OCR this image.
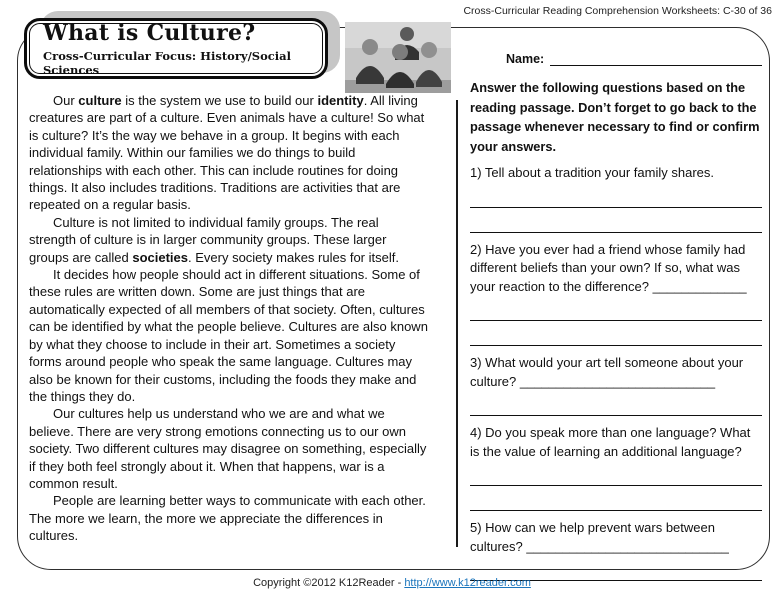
Cross-Curricular Reading Comprehension Worksheets: C-30 of 36
What is Culture?
Cross-Curricular Focus: History/Social Sciences

Our culture is the system we use to build our identity. All living creatures are part of a culture. Even animals have a culture! So what is culture? It’s the way we behave in a group. It begins with each individual family. Within our families we do things to build relationships with each other. This can include routines for doing things. It also includes traditions. Traditions are activities that are repeated on a regular basis.

Culture is not limited to individual family groups. The real strength of culture is in larger community groups. These larger groups are called societies. Every society makes rules for itself.

It decides how people should act in different situations. Some of these rules are written down. Some are just things that are automatically expected of all members of that society. Often, cultures can be identified by what the people believe. Cultures are also known by what they choose to include in their art. Sometimes a society forms around people who speak the same language. Cultures may also be known for their customs, including the foods they make and the things they do.

Our cultures help us understand who we are and what we believe. There are very strong emotions connecting us to our own society. Two different cultures may disagree on something, especially if they both feel strongly about it. When that happens, war is a common result.

People are learning better ways to communicate with each other. The more we learn, the more we appreciate the differences in cultures.

Name:
Answer the following questions based on the reading passage. Don’t forget to go back to the passage whenever necessary to find or confirm your answers.
1) Tell about a tradition your family shares.
2) Have you ever had a friend whose family had different beliefs than your own? If so, what was your reaction to the difference? _____________
3) What would your art tell someone about your culture? ___________________________
4) Do you speak more than one language? What is the value of learning an additional language?
5) How can we help prevent wars between cultures? ____________________________
Copyright ©2012 K12Reader - http://www.k12reader.com
